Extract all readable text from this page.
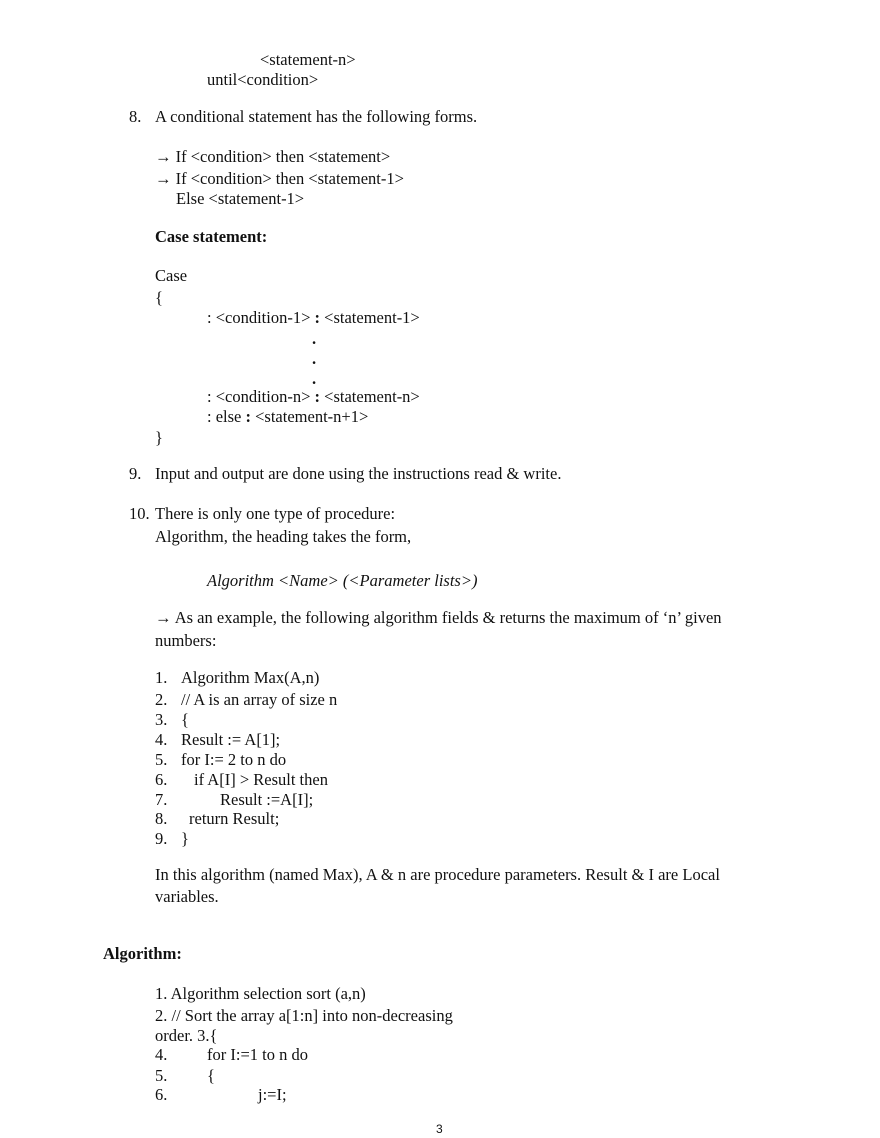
<statement-n>
until<condition>
8. A conditional statement has the following forms.
→ If <condition> then <statement>
→ If <condition> then <statement-1>
Else <statement-1>
Case statement:
Case
{
: <condition-1> : <statement-1>
.
.
.
: <condition-n> : <statement-n>
: else : <statement-n+1>
}
9. Input and output are done using the instructions read & write.
10. There is only one type of procedure:
Algorithm, the heading takes the form,
Algorithm <Name> (<Parameter lists>)
→ As an example, the following algorithm fields & returns the maximum of ‘n’ given
numbers:
1. Algorithm Max(A,n)
2. // A is an array of size n
3. {
4. Result := A[1];
5. for I:= 2 to n do
6. if A[I] > Result then
7.	Result :=A[I];
8. return Result;
9. }
In this algorithm (named Max), A & n are procedure parameters. Result & I are Local
variables.
Algorithm:
1. Algorithm selection sort (a,n)
2. // Sort the array a[1:n] into non-decreasing
order. 3.{
4. for I:=1 to n do
5. {
6.	j:=I;
3
